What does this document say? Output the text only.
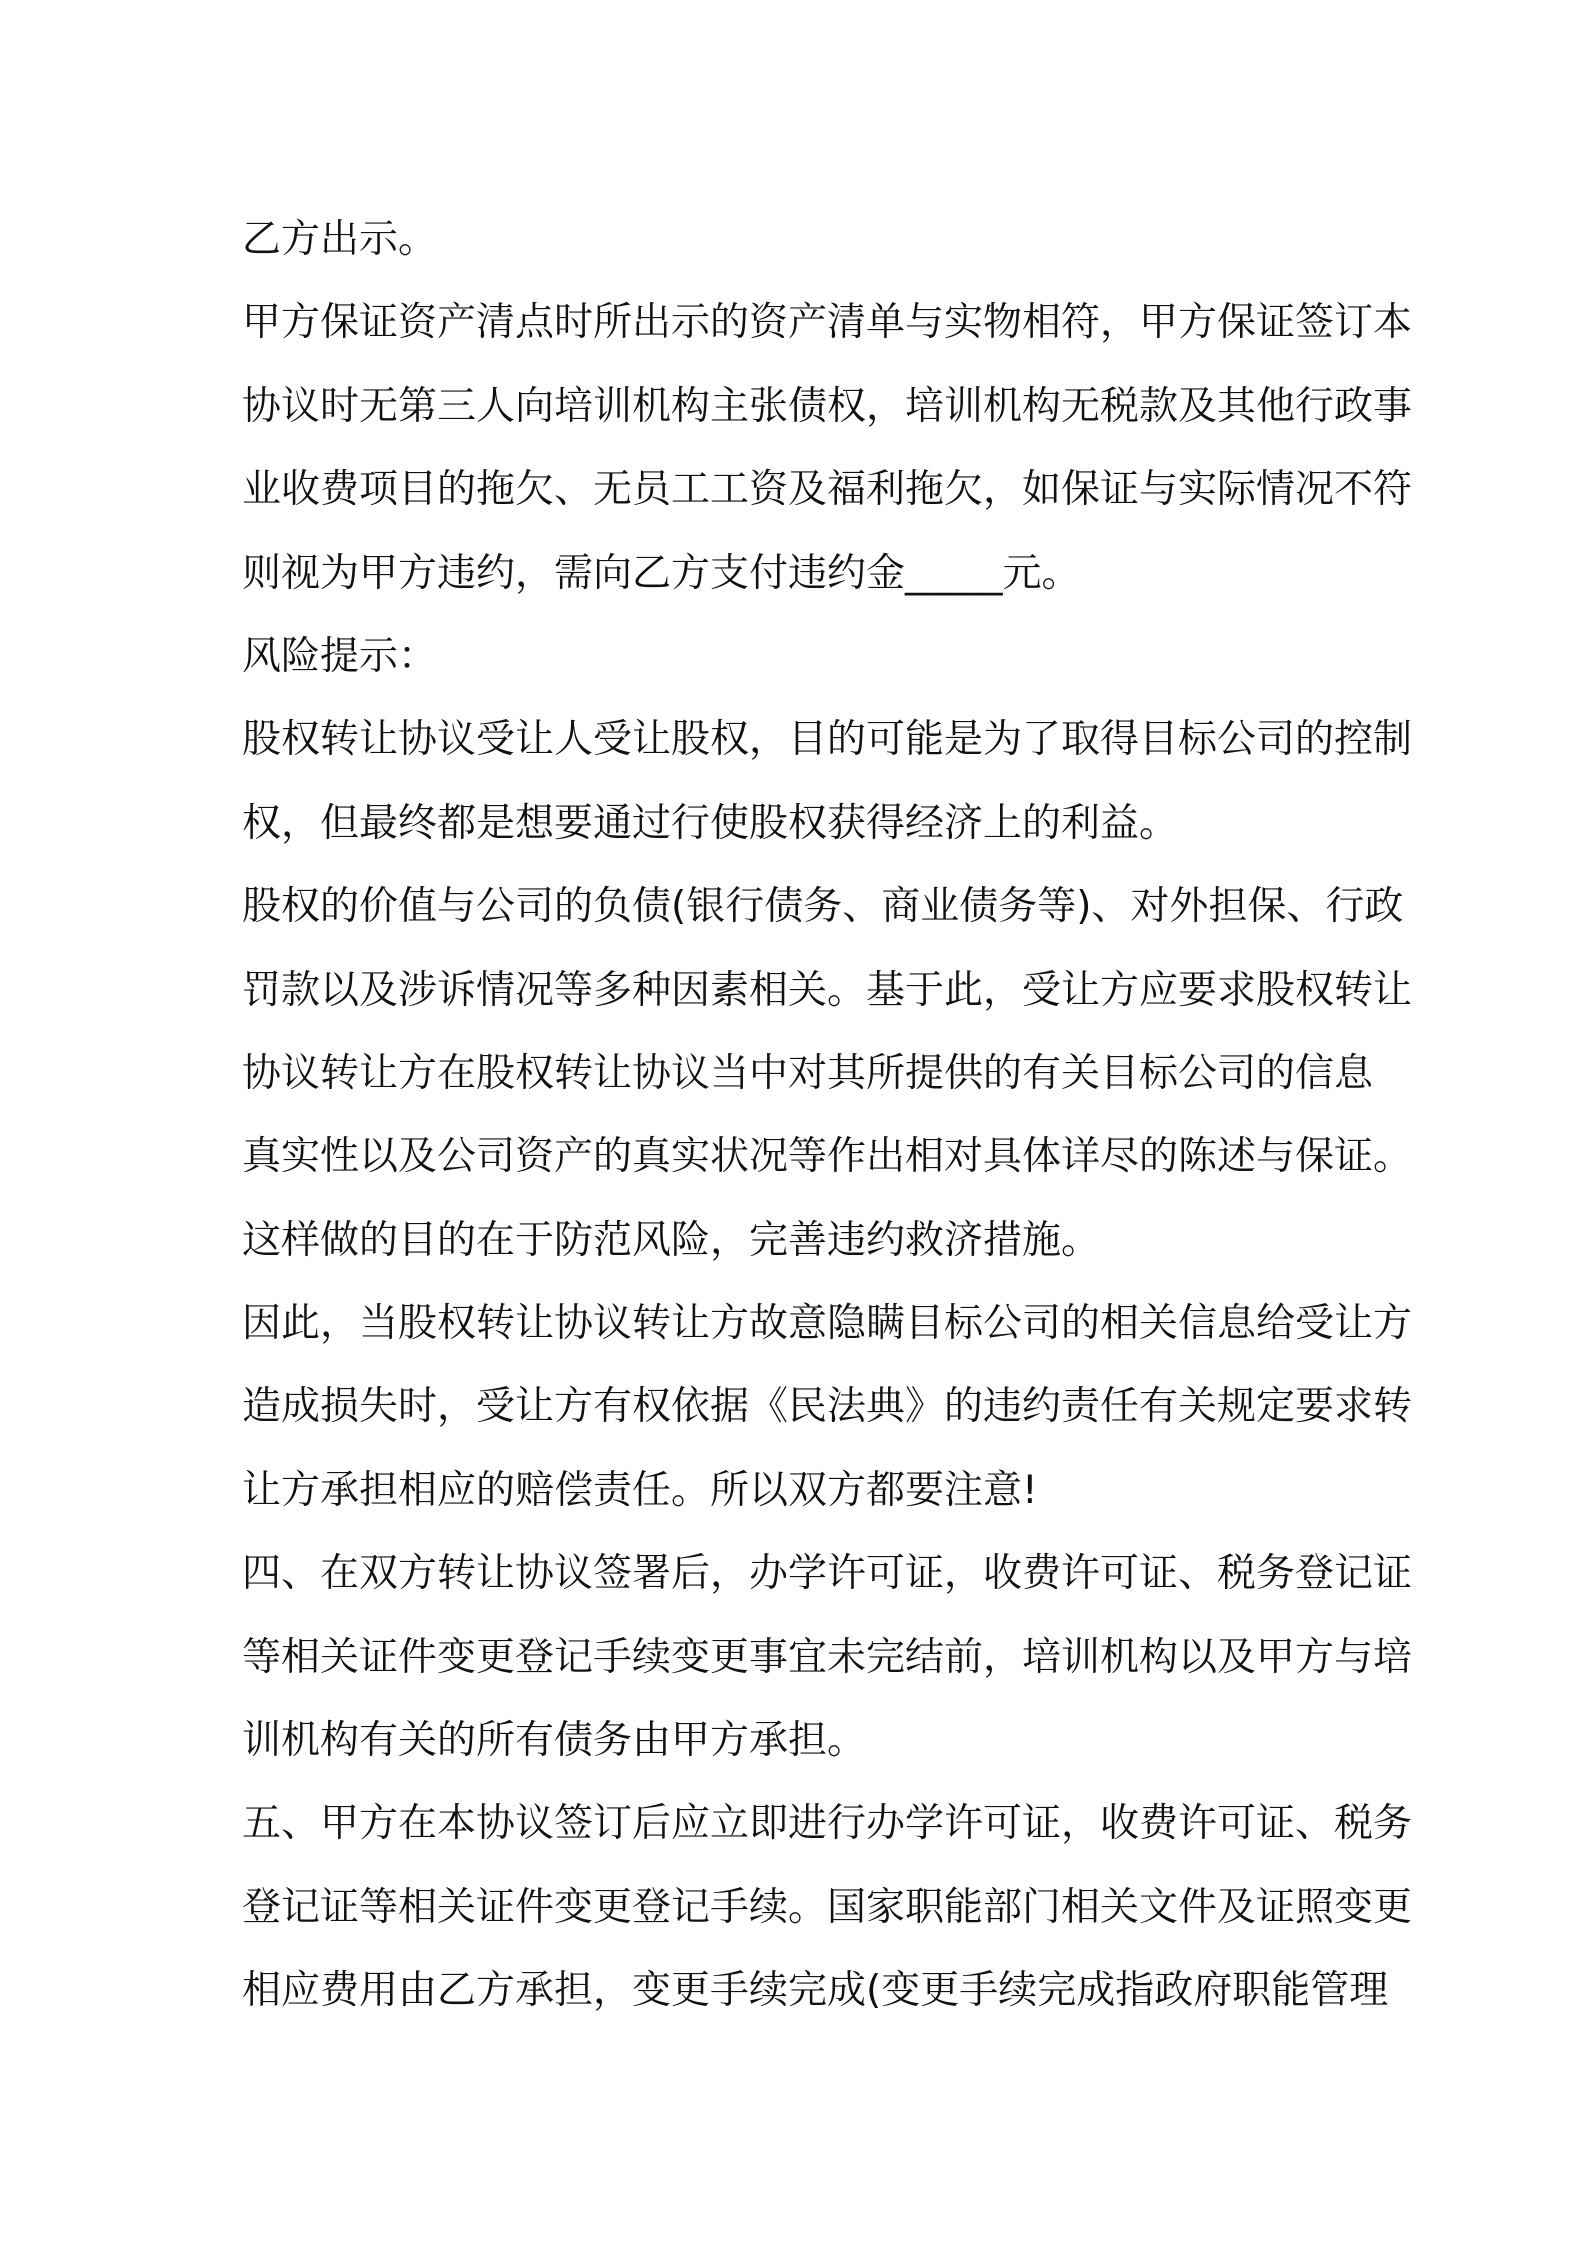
乙方出示。
甲方保证资产清点时所出示的资产清单与实物相符，甲方保证签订本
协议时无第三人向培训机构主张债权，培训机构无税款及其他行政事
业收费项目的拖欠、无员工工资及福利拖欠，如保证与实际情况不符
则视为甲方违约，需向乙方支付违约金_____元。
风险提示：
股权转让协议受让人受让股权，目的可能是为了取得目标公司的控制
权，但最终都是想要通过行使股权获得经济上的利益。
股权的价值与公司的负债(银行债务、商业债务等)、对外担保、行政
罚款以及涉诉情况等多种因素相关。基于此，受让方应要求股权转让
协议转让方在股权转让协议当中对其所提供的有关目标公司的信息
真实性以及公司资产的真实状况等作出相对具体详尽的陈述与保证。
这样做的目的在于防范风险，完善违约救济措施。
因此，当股权转让协议转让方故意隐瞒目标公司的相关信息给受让方
造成损失时，受让方有权依据《民法典》的违约责任有关规定要求转
让方承担相应的赔偿责任。所以双方都要注意!
四、在双方转让协议签署后，办学许可证，收费许可证、税务登记证
等相关证件变更登记手续变更事宜未完结前，培训机构以及甲方与培
训机构有关的所有债务由甲方承担。
五、甲方在本协议签订后应立即进行办学许可证，收费许可证、税务
登记证等相关证件变更登记手续。国家职能部门相关文件及证照变更
相应费用由乙方承担，变更手续完成(变更手续完成指政府职能管理
